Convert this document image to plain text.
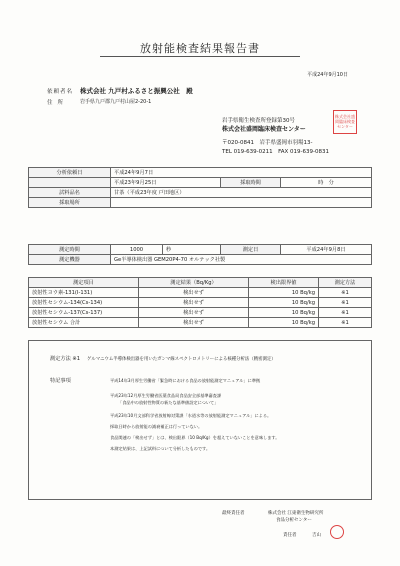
放射能検査結果報告書
平成24年9月10日
依頼者名 株式会社 九戸村ふるさと振興公社　殿
住所 岩手県九戸郡九戸村山屋2-20-1
岩手県衛生検査所登録第30号
株式会社盛岡臨床検査センター
〒020-0841　岩手県盛岡市羽場13-
TEL 019-639-0211　FAX 019-639-0831
株式会社盛岡臨床検査センター
分析依頼日	平成24年9月7日		
	平成23年9月25日	採取時間	時　分
試料品名	甘茶（平成23年度 戸田地区）		
採取場所			
測定時間	1000	秒	測定日	平成24年9月8日
測定機器	Ge半導体検出器 GEM20P4-70 オルテック社製			
測定項目	測定結果（Bq/Kg）	検出限界値	測定方法
放射性ヨウ素-131(I-131)	検出せず	10 Bq/kg	※1
放射性セシウム-134(Cs-134)	検出せず	10 Bq/kg	※1
放射性セシウム-137(Cs-137)	検出せず	10 Bq/kg	※1
放射性セシウム 合計	検出せず	10 Bq/kg	※1
測定方法 ※1 ゲルマニウム半導体検出器を用いたガンマ線スペクトロメトリーによる核種分析法（精密測定）
特記事項	平成14年3月厚生労働省「緊急時における食品の放射能測定マニュアル」に準拠
平成23年12月厚生労働省医薬食品局食品安全部基準審査課
「食品中の放射性物質の新たな基準値設定について」
平成23年10月文部科学省放射線対策課「水道水等の放射能測定マニュアル」による。
採取日時から放射能の減衰補正は行っていない。
食品関連の「検出せず」とは、検出限界（10 Bq/Kg）を超えていないことを意味します。
本測定結果は、上記試料について分析したものです。
最終責任者	株式会社 江東衛生物研究所
食品分析センター
責任者	吉山
